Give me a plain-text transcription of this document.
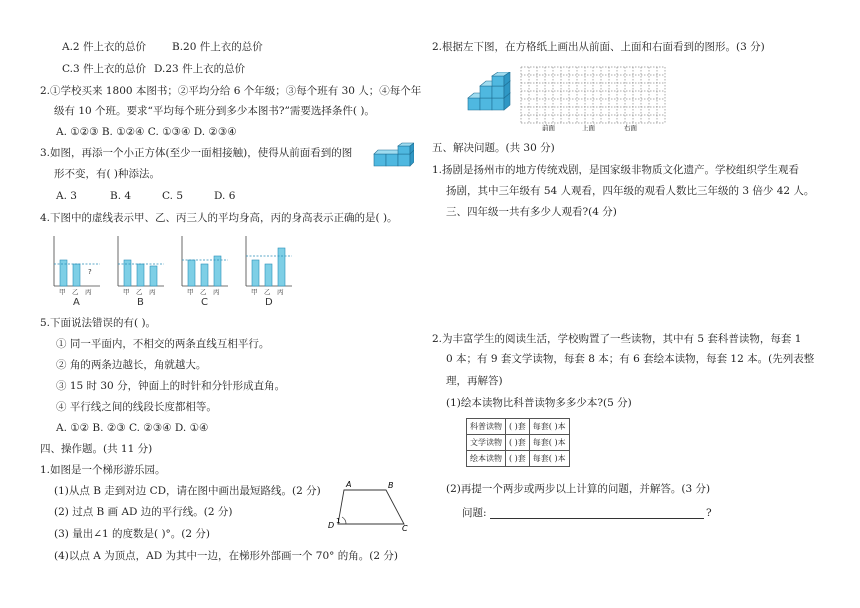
A.2 件上衣的总价 B.20 件上衣的总价
C.3 件上衣的总价 D.23 件上衣的总价
2.①学校买来 1800 本图书；②平均分给 6 个年级；③每个班有 30 人；④每个年
级有 10 个班。要求“平均每个班分到多少本图书?”需要选择条件( )。
A. ①②③ B. ①②④ C. ①③④ D. ②③④
3.如图，再添一个小正方体(至少一面相接触)，使得从前面看到的图
形不变，有( )种添法。
A. 3	B. 4	C. 5	D. 6
4.下图中的虚线表示甲、乙、丙三人的平均身高，丙的身高表示正确的是( )。
?
甲 乙 丙	甲 乙 丙	甲 乙 丙	甲 乙 丙
A	B	C	D
5.下面说法错误的有( )。
① 同一平面内，不相交的两条直线互相平行。
② 角的两条边越长，角就越大。
③ 15 时 30 分，钟面上的时针和分针形成直角。
④ 平行线之间的线段长度都相等。
A. ①② B. ②③ C. ②③④ D. ①④
四、操作题。(共 11 分)
1.如图是一个梯形游乐园。
(1)从点 B 走到对边 CD，请在图中画出最短路线。(2 分)
(2) 过点 B 画 AD 边的平行线。(2 分)
(3) 量出∠1 的度数是( )°。(2 分)
(4)以点 A 为顶点，AD 为其中一边，在梯形外部画一个 70° 的角。(2 分)
A	B
C
D 1
2.根据左下图，在方格纸上画出从前面、上面和右面看到的图形。(3 分)
前面	上面	右面
五、解决问题。(共 30 分)
1.扬剧是扬州市的地方传统戏剧，是国家级非物质文化遗产。学校组织学生观看
扬剧，其中三年级有 54 人观看，四年级的观看人数比三年级的 3 倍少 42 人。
三、四年级一共有多少人观看?(4 分)
2.为丰富学生的阅读生活，学校购置了一些读物，其中有 5 套科普读物，每套 1
0 本；有 9 套文学读物，每套 8 本；有 6 套绘本读物，每套 12 本。(先列表整
理，再解答)
(1)绘本读物比科普读物多多少本?(5 分)
科普读物	( )套	每套( )本
文学读物	( )套	每套( )本
绘本读物	( )套	每套( )本
(2)再提一个两步或两步以上计算的问题，并解答。(3 分)
问题:	?
